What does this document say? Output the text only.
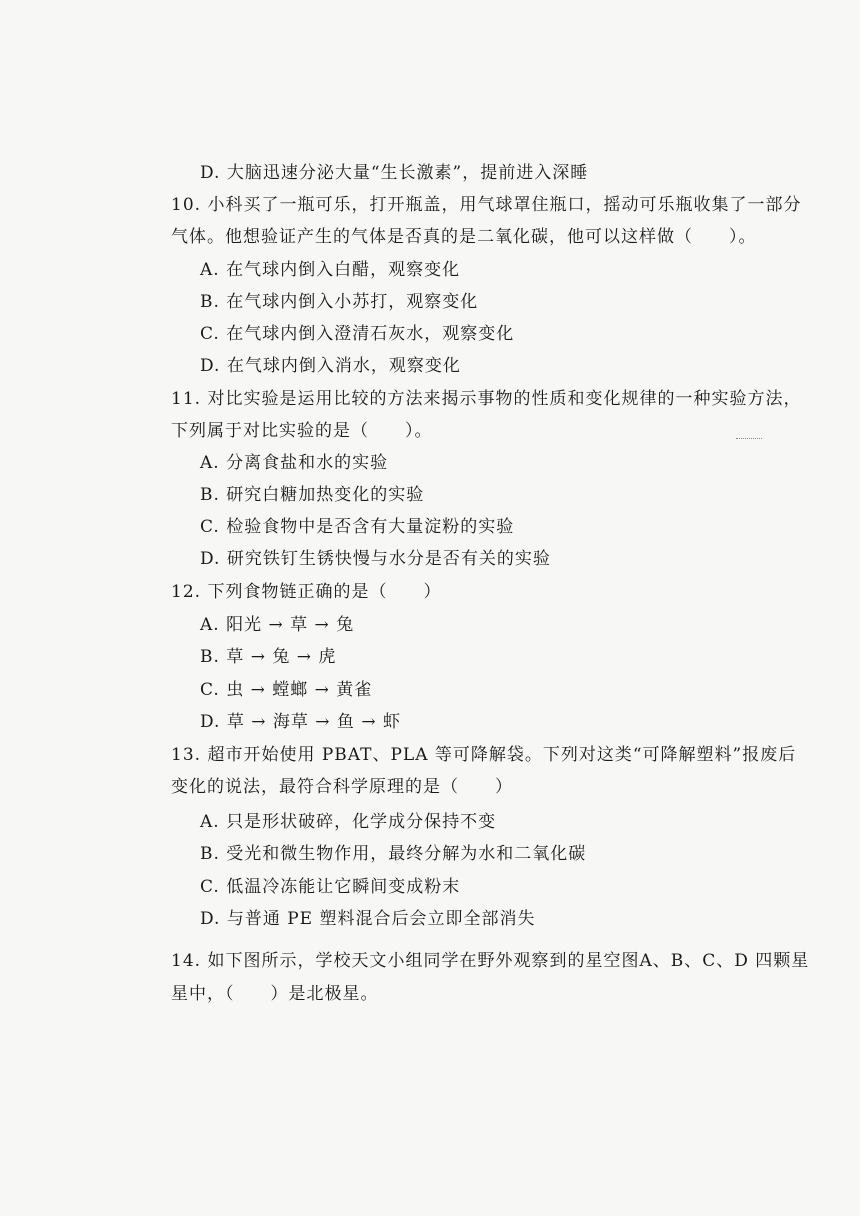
D. 大脑迅速分泌大量“生长激素”，提前进入深睡
10. 小科买了一瓶可乐，打开瓶盖，用气球罩住瓶口，摇动可乐瓶收集了一部分
气体。他想验证产生的气体是否真的是二氧化碳，他可以这样做（　　）。
A. 在气球内倒入白醋，观察变化
B. 在气球内倒入小苏打，观察变化
C. 在气球内倒入澄清石灰水，观察变化
D. 在气球内倒入消水，观察变化
11. 对比实验是运用比较的方法来揭示事物的性质和变化规律的一种实验方法，
下列属于对比实验的是（　　）。
A. 分离食盐和水的实验
B. 研究白糖加热变化的实验
C. 检验食物中是否含有大量淀粉的实验
D. 研究铁钉生锈快慢与水分是否有关的实验
12. 下列食物链正确的是（　　）
A. 阳光 → 草 → 兔
B. 草 → 兔 → 虎
C. 虫 → 螳螂 → 黄雀
D. 草 → 海草 → 鱼 → 虾
13. 超市开始使用 PBAT、PLA 等可降解袋。下列对这类“可降解塑料”报废后
变化的说法，最符合科学原理的是（　　）
A. 只是形状破碎，化学成分保持不变
B. 受光和微生物作用，最终分解为水和二氧化碳
C. 低温冷冻能让它瞬间变成粉末
D. 与普通 PE 塑料混合后会立即全部消失
14. 如下图所示，学校天文小组同学在野外观察到的星空图A、B、C、D 四颗星
星中，（　　）是北极星。
